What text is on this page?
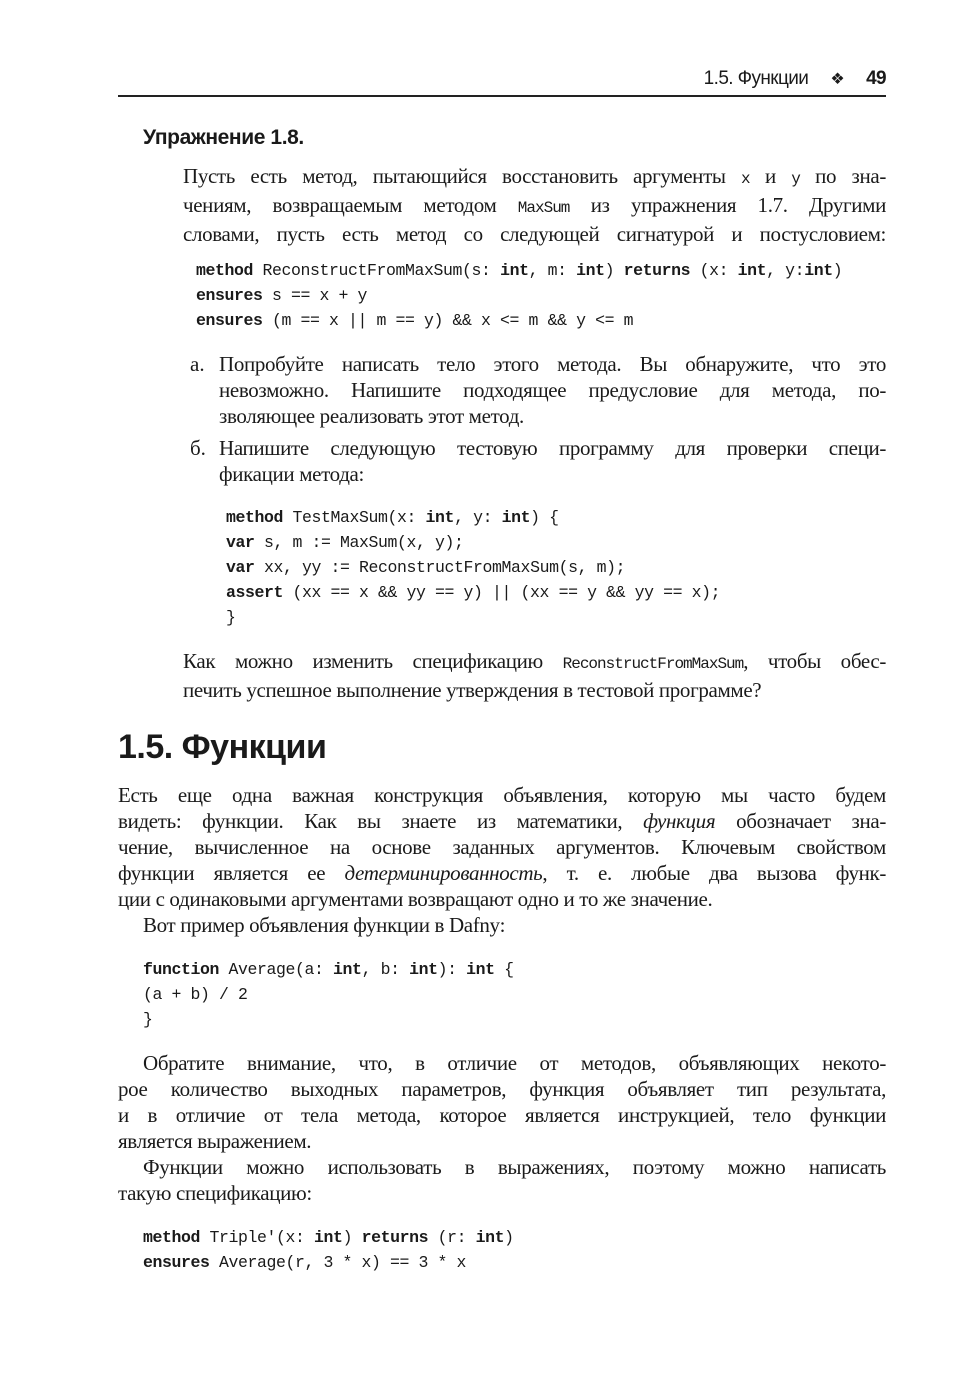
1.5. Функции ❖ 49
Упражнение 1.8.
Пусть есть метод, пытающийся восстановить аргументы x и y по зна-
чениям, возвращаемым методом MaxSum из упражнения 1.7. Другими
словами, пусть есть метод со следующей сигнатурой и постусловием:
method ReconstructFromMaxSum(s: int, m: int) returns (x: int, y:int)
ensures s == x + y
ensures (m == x || m == y) && x <= m && y <= m
а. Попробуйте написать тело этого метода. Вы обнаружите, что это
невозможно. Напишите подходящее предусловие для метода, по-
зволяющее реализовать этот метод.
б. Напишите следующую тестовую программу для проверки специ-
фикации метода:
method TestMaxSum(x: int, y: int) {
var s, m := MaxSum(x, y);
var xx, yy := ReconstructFromMaxSum(s, m);
assert (xx == x && yy == y) || (xx == y && yy == x);
}
Как можно изменить спецификацию ReconstructFromMaxSum, чтобы обес-
печить успешное выполнение утверждения в тестовой программе?
1.5. Функции
Есть еще одна важная конструкция объявления, которую мы часто будем
видеть: функции. Как вы знаете из математики, функция обозначает зна-
чение, вычисленное на основе заданных аргументов. Ключевым свойством
функции является ее детерминированность, т. е. любые два вызова функ-
ции с одинаковыми аргументами возвращают одно и то же значение.
Вот пример объявления функции в Dafny:
function Average(a: int, b: int): int {
(a + b) / 2
}
Обратите внимание, что, в отличие от методов, объявляющих некото-
рое количество выходных параметров, функция объявляет тип результата,
и в отличие от тела метода, которое является инструкцией, тело функции
является выражением.
Функции можно использовать в выражениях, поэтому можно написать
такую спецификацию:
method Triple'(x: int) returns (r: int)
ensures Average(r, 3 * x) == 3 * x
